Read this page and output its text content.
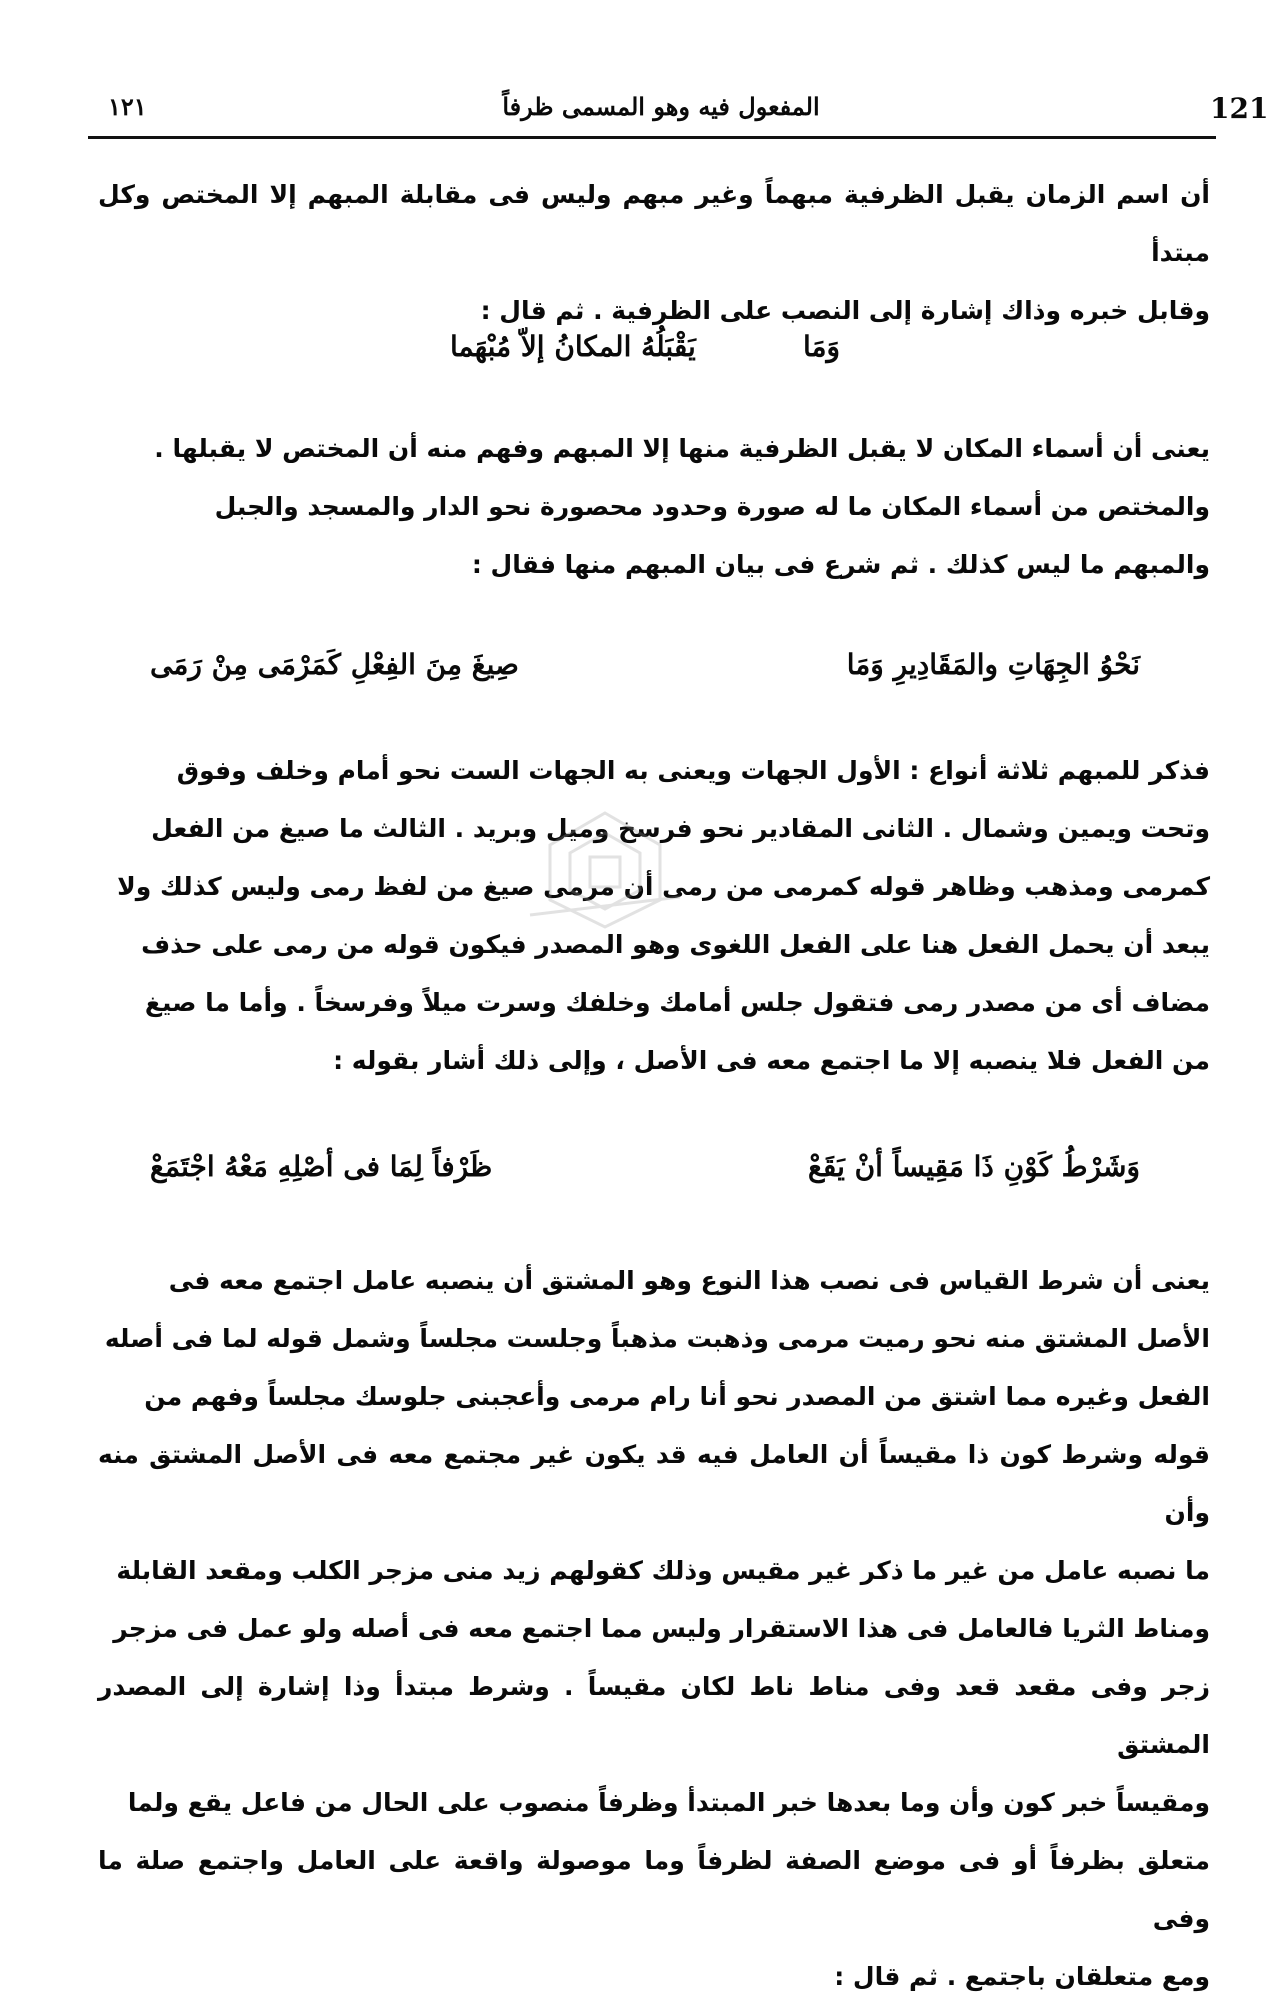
121
المفعول فيه وهو المسمى ظرفاً
١٢١

أن اسم الزمان يقبل الظرفية مبهماً وغير مبهم وليس فى مقابلة المبهم إلا المختص وكل مبتدأ
وقابل خبره وذاك إشارة إلى النصب على الظرفية . ثم قال :

وَمَا
يَقْبَلُهُ المكانُ إلاّ مُبْهَما

يعنى أن أسماء المكان لا يقبل الظرفية منها إلا المبهم وفهم منه أن المختص لا يقبلها .
والمختص من أسماء المكان ما له صورة وحدود محصورة نحو الدار والمسجد والجبل
والمبهم ما ليس كذلك . ثم شرع فى بيان المبهم منها فقال :

نَحْوُ الجِهَاتِ والمَقَادِيرِ وَمَا
صِيغَ مِنَ الفِعْلِ كَمَرْمَى مِنْ رَمَى

فذكر للمبهم ثلاثة أنواع : الأول الجهات ويعنى به الجهات الست نحو أمام وخلف وفوق
وتحت ويمين وشمال . الثانى المقادير نحو فرسخ وميل وبريد . الثالث ما صيغ من الفعل
كمرمى ومذهب وظاهر قوله كمرمى من رمى أن مرمى صيغ من لفظ رمى وليس كذلك ولا
يبعد أن يحمل الفعل هنا على الفعل اللغوى وهو المصدر فيكون قوله من رمى على حذف
مضاف أى من مصدر رمى فتقول جلس أمامك وخلفك وسرت ميلاً وفرسخاً . وأما ما صيغ
من الفعل فلا ينصبه إلا ما اجتمع معه فى الأصل ، وإلى ذلك أشار بقوله :

وَشَرْطُ كَوْنِ ذَا مَقِيساً أنْ يَقَعْ
ظَرْفاً لِمَا فى أصْلِهِ مَعْهُ اجْتَمَعْ

يعنى أن شرط القياس فى نصب هذا النوع وهو المشتق أن ينصبه عامل اجتمع معه فى
الأصل المشتق منه نحو رميت مرمى وذهبت مذهباً وجلست مجلساً وشمل قوله لما فى أصله
الفعل وغيره مما اشتق من المصدر نحو أنا رام مرمى وأعجبنى جلوسك مجلساً وفهم من
قوله وشرط كون ذا مقيساً أن العامل فيه قد يكون غير مجتمع معه فى الأصل المشتق منه وأن
ما نصبه عامل من غير ما ذكر غير مقيس وذلك كقولهم زيد منى مزجر الكلب ومقعد القابلة
ومناط الثريا فالعامل فى هذا الاستقرار وليس مما اجتمع معه فى أصله ولو عمل فى مزجر
زجر وفى مقعد قعد وفى مناط ناط لكان مقيساً . وشرط مبتدأ وذا إشارة إلى المصدر المشتق
ومقيساً خبر كون وأن وما بعدها خبر المبتدأ وظرفاً منصوب على الحال من فاعل يقع ولما
متعلق بظرفاً أو فى موضع الصفة لظرفاً وما موصولة واقعة على العامل واجتمع صلة ما وفى
ومع متعلقان باجتمع . ثم قال :
